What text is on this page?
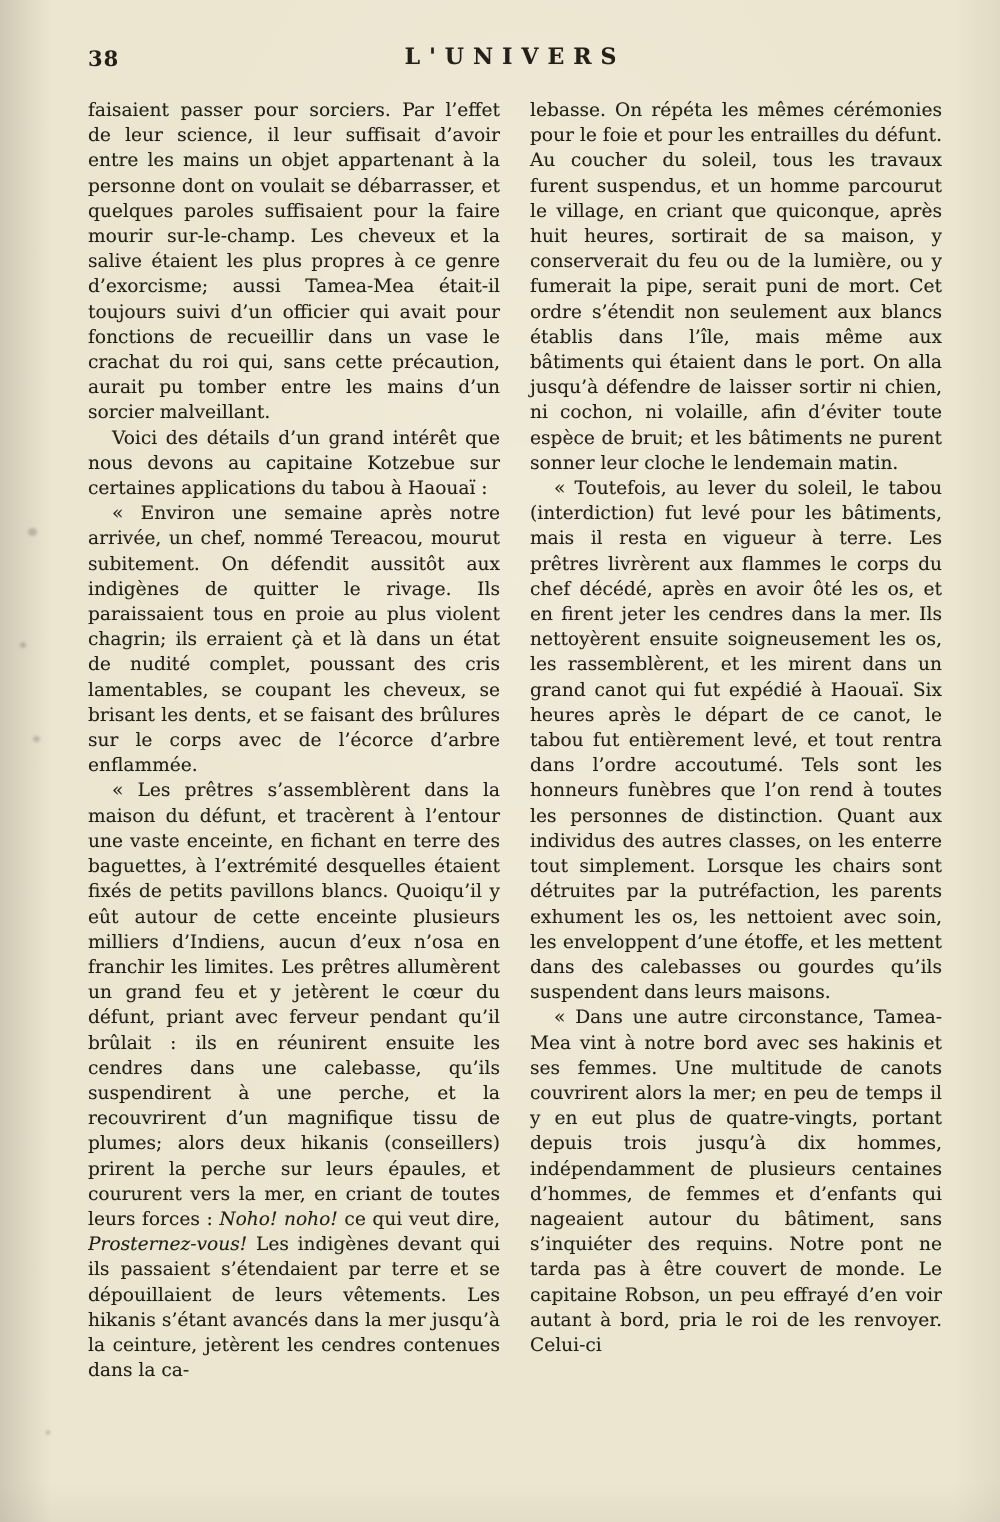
38	L'UNIVERS

faisaient passer pour sorciers. Par l’effet de leur science, il leur suffisait d’avoir entre les mains un objet appartenant à la personne dont on voulait se débarrasser, et quelques paroles suffisaient pour la faire mourir sur-le-champ. Les cheveux et la salive étaient les plus propres à ce genre d’exorcisme; aussi Tamea-Mea était-il toujours suivi d’un officier qui avait pour fonctions de recueillir dans un vase le crachat du roi qui, sans cette précaution, aurait pu tomber entre les mains d’un sorcier malveillant.

Voici des détails d’un grand intérêt que nous devons au capitaine Kotzebue sur certaines applications du tabou à Haouaï :

« Environ une semaine après notre arrivée, un chef, nommé Tereacou, mourut subitement. On défendit aussitôt aux indigènes de quitter le rivage. Ils paraissaient tous en proie au plus violent chagrin; ils erraient çà et là dans un état de nudité complet, poussant des cris lamentables, se coupant les cheveux, se brisant les dents, et se faisant des brûlures sur le corps avec de l’écorce d’arbre enflammée.

« Les prêtres s’assemblèrent dans la maison du défunt, et tracèrent à l’entour une vaste enceinte, en fichant en terre des baguettes, à l’extrémité desquelles étaient fixés de petits pavillons blancs. Quoiqu’il y eût autour de cette enceinte plusieurs milliers d’Indiens, aucun d’eux n’osa en franchir les limites. Les prêtres allumèrent un grand feu et y jetèrent le cœur du défunt, priant avec ferveur pendant qu’il brûlait : ils en réunirent ensuite les cendres dans une calebasse, qu’ils suspendirent à une perche, et la recouvrirent d’un magnifique tissu de plumes; alors deux hikanis (conseillers) prirent la perche sur leurs épaules, et coururent vers la mer, en criant de toutes leurs forces : Noho! noho! ce qui veut dire, Prosternez-vous! Les indigènes devant qui ils passaient s’étendaient par terre et se dépouillaient de leurs vêtements. Les hikanis s’étant avancés dans la mer jusqu’à la ceinture, jetèrent les cendres contenues dans la ca-

lebasse. On répéta les mêmes cérémonies pour le foie et pour les entrailles du défunt. Au coucher du soleil, tous les travaux furent suspendus, et un homme parcourut le village, en criant que quiconque, après huit heures, sortirait de sa maison, y conserverait du feu ou de la lumière, ou y fumerait la pipe, serait puni de mort. Cet ordre s’étendit non seulement aux blancs établis dans l’île, mais même aux bâtiments qui étaient dans le port. On alla jusqu’à défendre de laisser sortir ni chien, ni cochon, ni volaille, afin d’éviter toute espèce de bruit; et les bâtiments ne purent sonner leur cloche le lendemain matin.

« Toutefois, au lever du soleil, le tabou (interdiction) fut levé pour les bâtiments, mais il resta en vigueur à terre. Les prêtres livrèrent aux flammes le corps du chef décédé, après en avoir ôté les os, et en firent jeter les cendres dans la mer. Ils nettoyèrent ensuite soigneusement les os, les rassemblèrent, et les mirent dans un grand canot qui fut expédié à Haouaï. Six heures après le départ de ce canot, le tabou fut entièrement levé, et tout rentra dans l’ordre accoutumé. Tels sont les honneurs funèbres que l’on rend à toutes les personnes de distinction. Quant aux individus des autres classes, on les enterre tout simplement. Lorsque les chairs sont détruites par la putréfaction, les parents exhument les os, les nettoient avec soin, les enveloppent d’une étoffe, et les mettent dans des calebasses ou gourdes qu’ils suspendent dans leurs maisons.

« Dans une autre circonstance, Tamea-Mea vint à notre bord avec ses hakinis et ses femmes. Une multitude de canots couvrirent alors la mer; en peu de temps il y en eut plus de quatre-vingts, portant depuis trois jusqu’à dix hommes, indépendamment de plusieurs centaines d’hommes, de femmes et d’enfants qui nageaient autour du bâtiment, sans s’inquiéter des requins. Notre pont ne tarda pas à être couvert de monde. Le capitaine Robson, un peu effrayé d’en voir autant à bord, pria le roi de les renvoyer. Celui-ci
